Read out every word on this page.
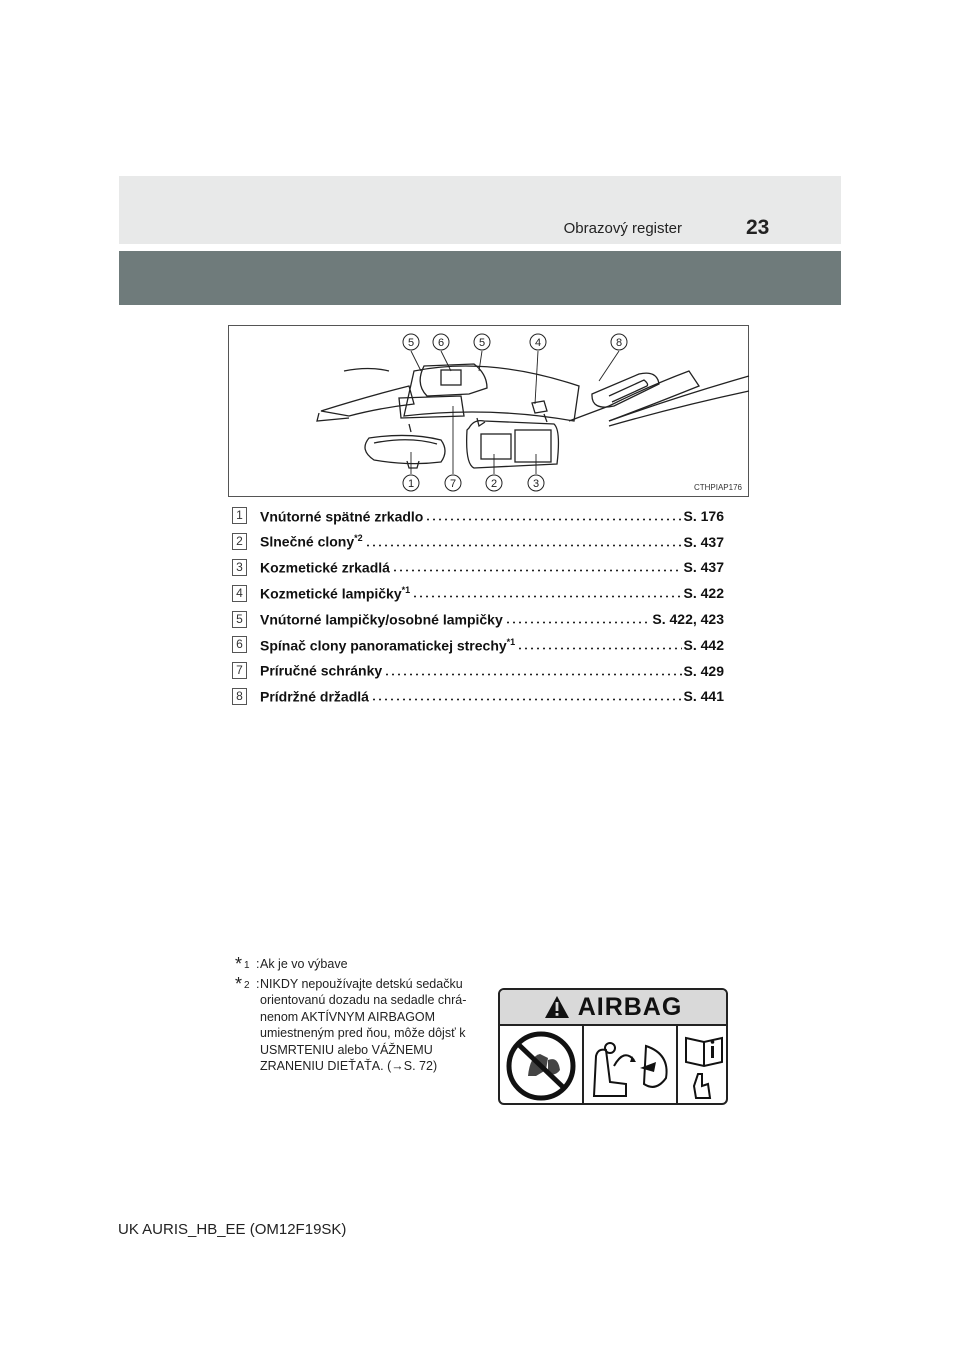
Obrazový register	23
5 6	5	4	8
1	7	2	3	CTHPIAP176
1 Vnútorné spätné zrkadlo	S. 176
2 Slnečné clony$^{*2}$	S. 437
3 Kozmetické zrkadlá	S. 437
4 Kozmetické lampičky$^{*1}$	S. 422
5 Vnútorné lampičky/osobné lampičky	S. 422, 423
6 Spínač clony panoramatickej strechy$^{*1}$	S. 442
7 Príručné schránky	S. 429
8 Prídržné držadlá	S. 441
* 1 : Ak je vo výbave
* 2 : NIKDY nepoužívajte detskú sedačku orientovanú dozadu na sedadle chrá-nenom AKTÍVNYM AIRBAGOM umiestneným pred ňou, môže dôjsť k USMRTENIU alebo VÁŽNEMU ZRANENIU DIEŤAŤA. (→S. 72)
AIRBAG
UK AURIS_HB_EE (OM12F19SK)
